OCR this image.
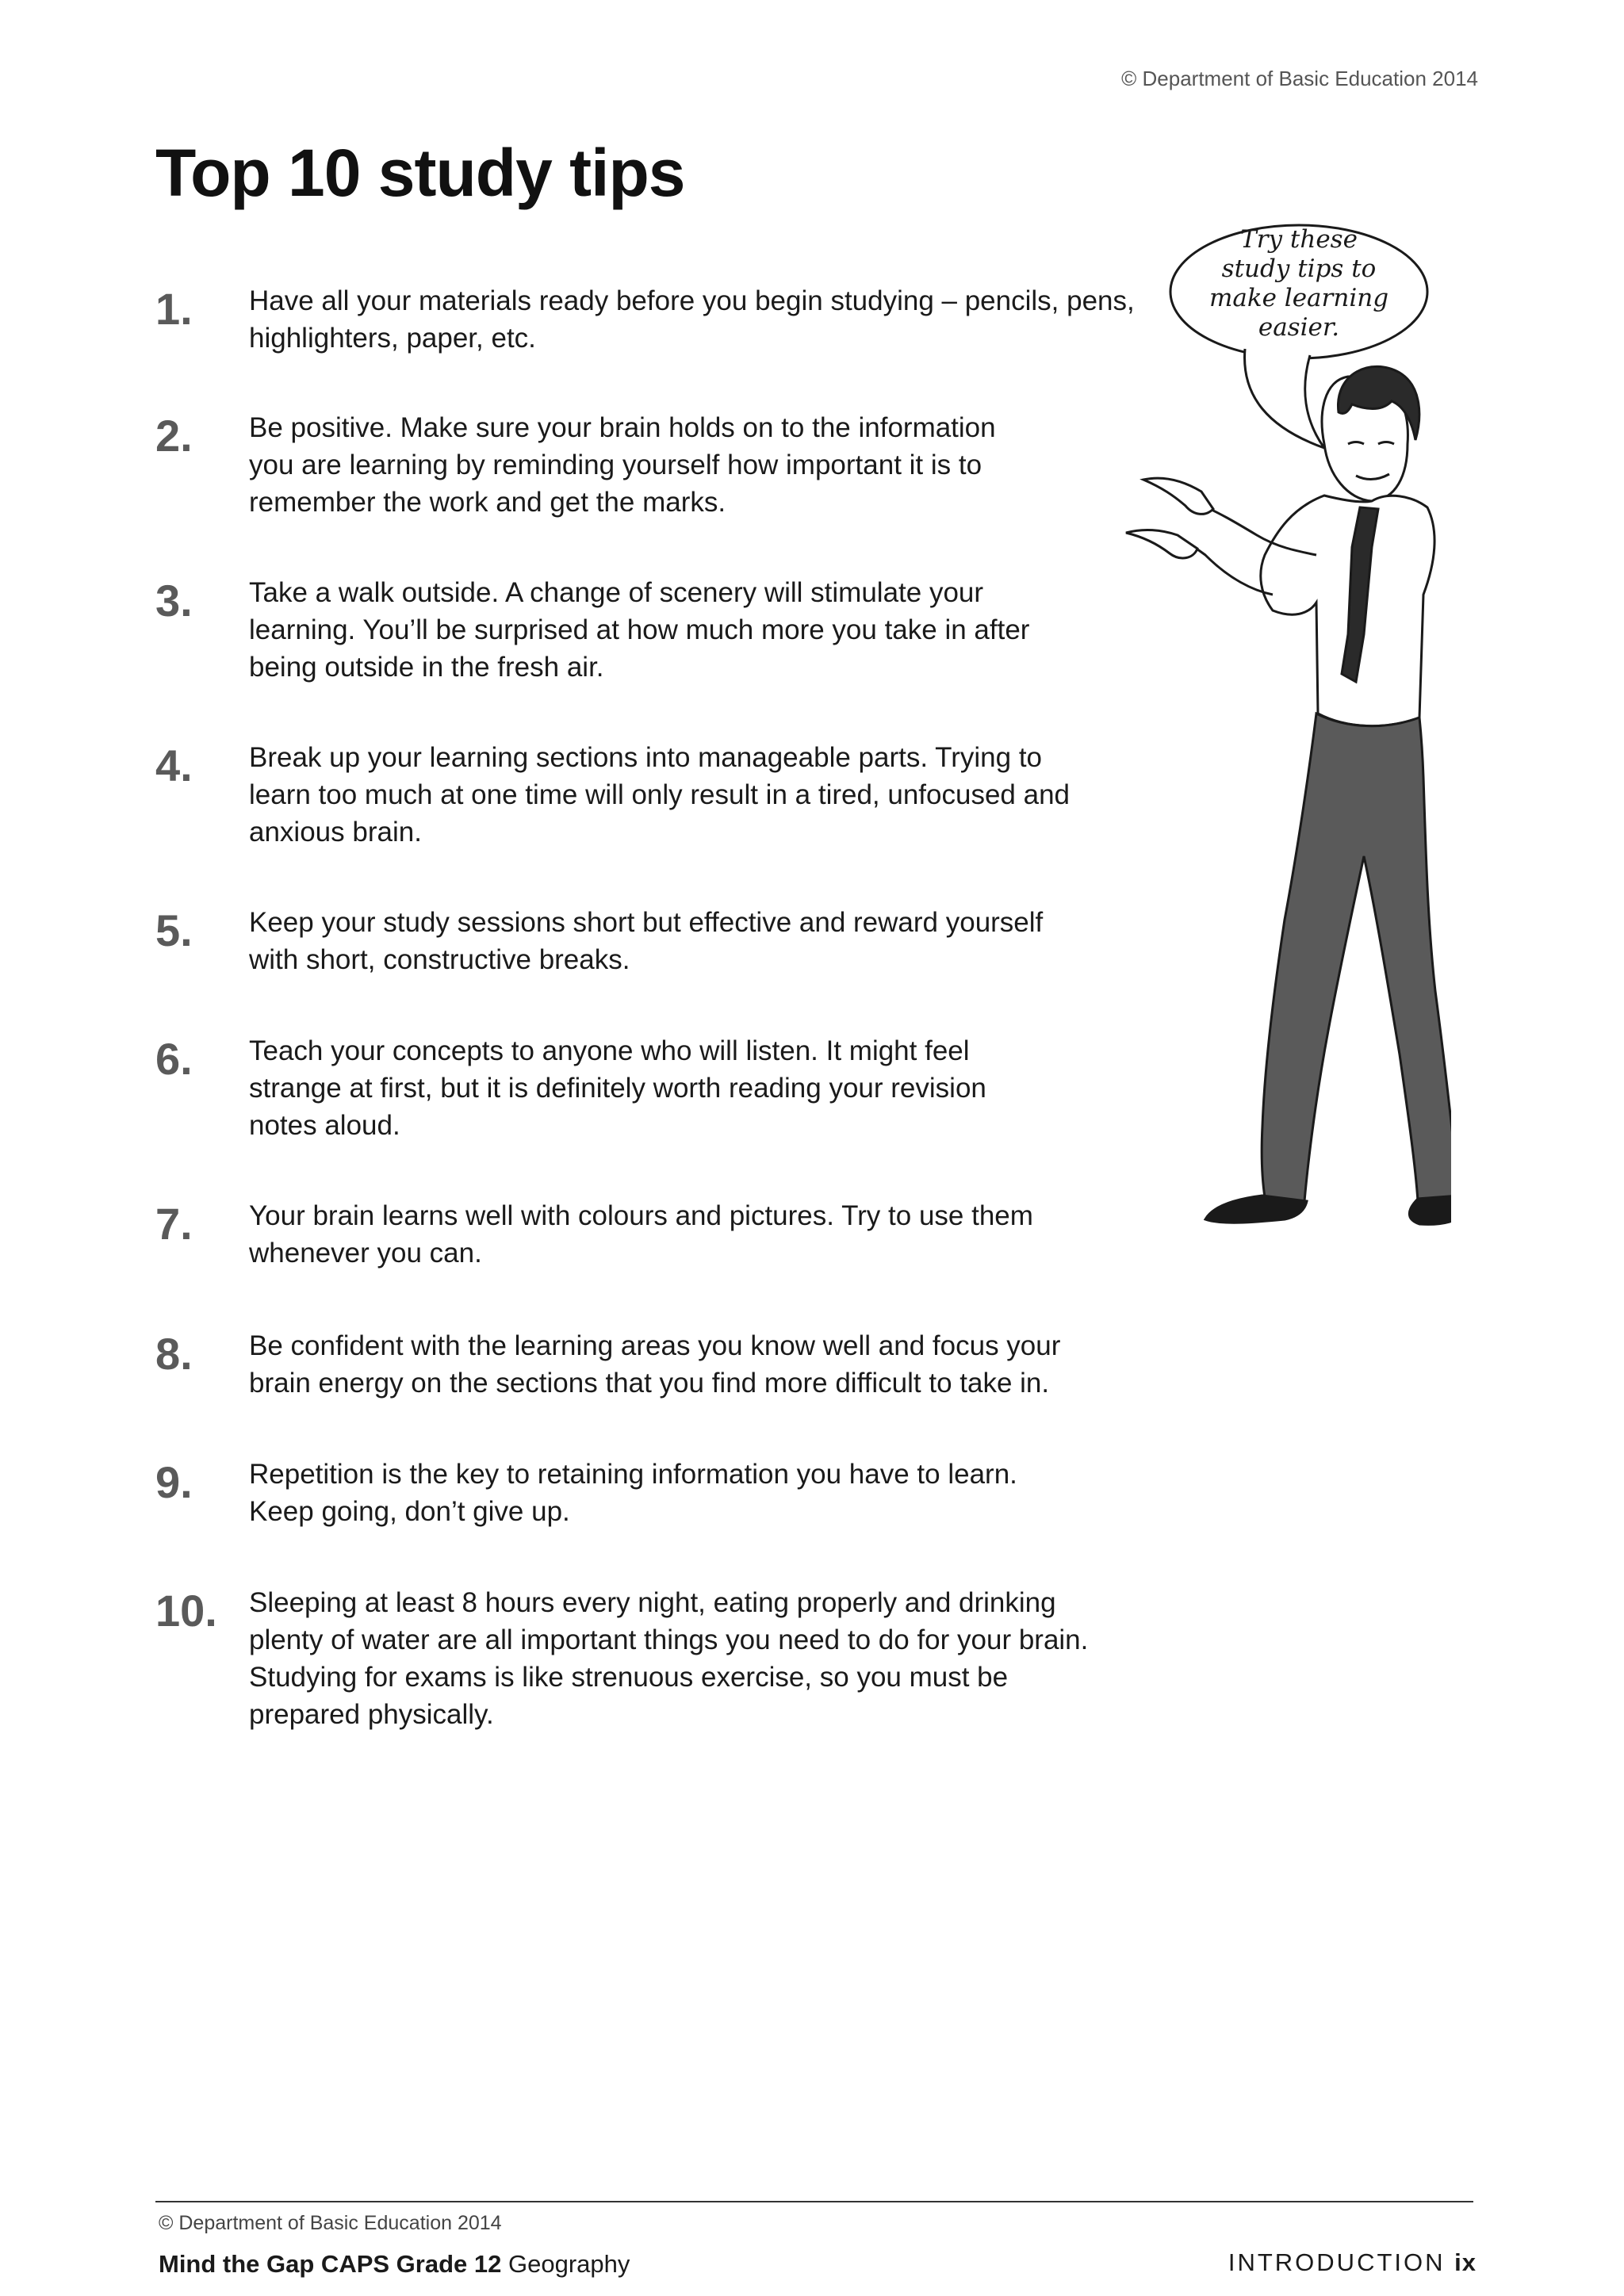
© Department of Basic Education 2014
Top 10 study tips
1. Have all your materials ready before you begin studying – pencils, pens, highlighters, paper, etc.
2. Be positive. Make sure your brain holds on to the information you are learning by reminding yourself how important it is to remember the work and get the marks.
3. Take a walk outside. A change of scenery will stimulate your learning. You’ll be surprised at how much more you take in after being outside in the fresh air.
4. Break up your learning sections into manageable parts. Trying to learn too much at one time will only result in a tired, unfocused and anxious brain.
5. Keep your study sessions short but effective and reward yourself with short, constructive breaks.
6. Teach your concepts to anyone who will listen. It might feel strange at first, but it is definitely worth reading your revision notes aloud.
7. Your brain learns well with colours and pictures. Try to use them whenever you can.
8. Be confident with the learning areas you know well and focus your brain energy on the sections that you find more difficult to take in.
9. Repetition is the key to retaining information you have to learn. Keep going, don’t give up.
10. Sleeping at least 8 hours every night, eating properly and drinking plenty of water are all important things you need to do for your brain. Studying for exams is like strenuous exercise, so you must be prepared physically.
Try these
study tips to
make learning
easier.
© Department of Basic Education 2014
Mind the Gap CAPS Grade 12 Geography	INTRODUCTION ix
